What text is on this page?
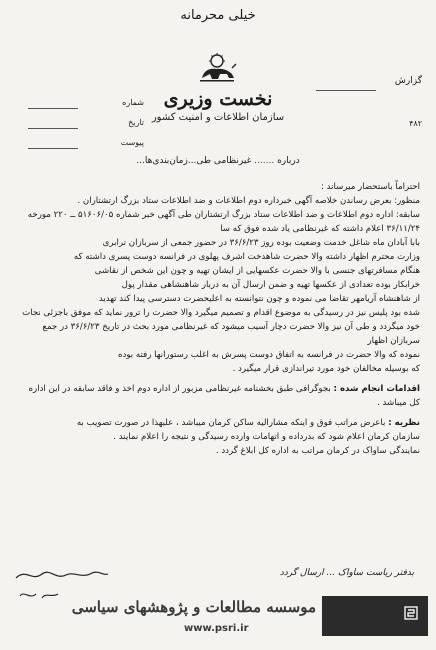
خیلی محرمانه
نخست وزیری
سازمان اطلاعات و امنیت کشور
شماره
تاریخ
پیوست
گزارش
۴۸۲
درباره ....... غیرنظامی طی...زمان‌بندی‌ها...

احتراماً باستحضار میرساند :

منظور: بعرض رساندن خلاصه آگهی خبرداره دوم اطلاعات و ضد اطلاعات ستاد بزرگ ارتشتاران .

سابقه: اداره دوم اطلاعات و ضد اطلاعات ستاد بزرگ ارتشتاران طی آگهی خبر شماره ۵۱۶۰۶/۰۵ ــ ۲۲۰ مورخه ۳۶/۱۱/۲۴ اعلام داشته که غیرنظامی یاد شده فوق که سا

بابا آبادان ماه شاغل خدمت وضعیت بوده روز ۳۶/۶/۲۳ در حضور جمعی از سربازان ترابری

وزارت محترم اظهار داشته والا حضرت شاهدخت اشرف پهلوی در فرانسه دوست پسری داشته که

هنگام مسافرتهای جنسی با والا حضرت عکسهایی از ایشان تهیه و چون این شخص از نقاشی

خرابکار بوده تعدادی از عکسها تهیه و ضمن ارسال آن به دربار شاهنشاهی مقدار پول

از شاهنشاه آریامهر تقاضا می نموده و چون نتوانسته به اعلیحضرت دسترسی پیدا کند تهدید

شده بود پلیس نیز در رسیدگی به موضوع اقدام و تصمیم میگیرد والا حضرت را ترور نماید که موفق باجزئی نجات

خود میگردد و طی آن نیز والا حضرت دچار آسیب میشود که غیرنظامی مورد بحث در تاریخ ۳۶/۶/۲۳ در جمع سربازان اظهار

نموده که والا حضرت در فرانسه به اتفاق دوست پسرش به اغلب رستورانها رفته بوده

که بوسیله مخالفان خود مورد تیراندازی قرار میگیرد .

اقدامات انجام شده : بجوگرافی طبق بخشنامه غیرنظامی مزبور از اداره دوم اخذ و فاقد سابقه در این اداره کل میباشد .

نظریه : باعرض مراتب فوق و اینکه مشارالیه ساکن کرمان میباشد ، علیهذا در صورت تصویب به

سازمان کرمان اعلام شود که بدرداده و اتهامات وارده رسیدگی و نتیجه را اعلام نمایند .

نمایندگی ساواک در کرمان مراتب به اداره کل ابلاغ گردد .

بدفتر ریاست ساواک ... ارسال گردد
موسسه مطالعات و پژوهشهای سیاسی
www.psri.ir
